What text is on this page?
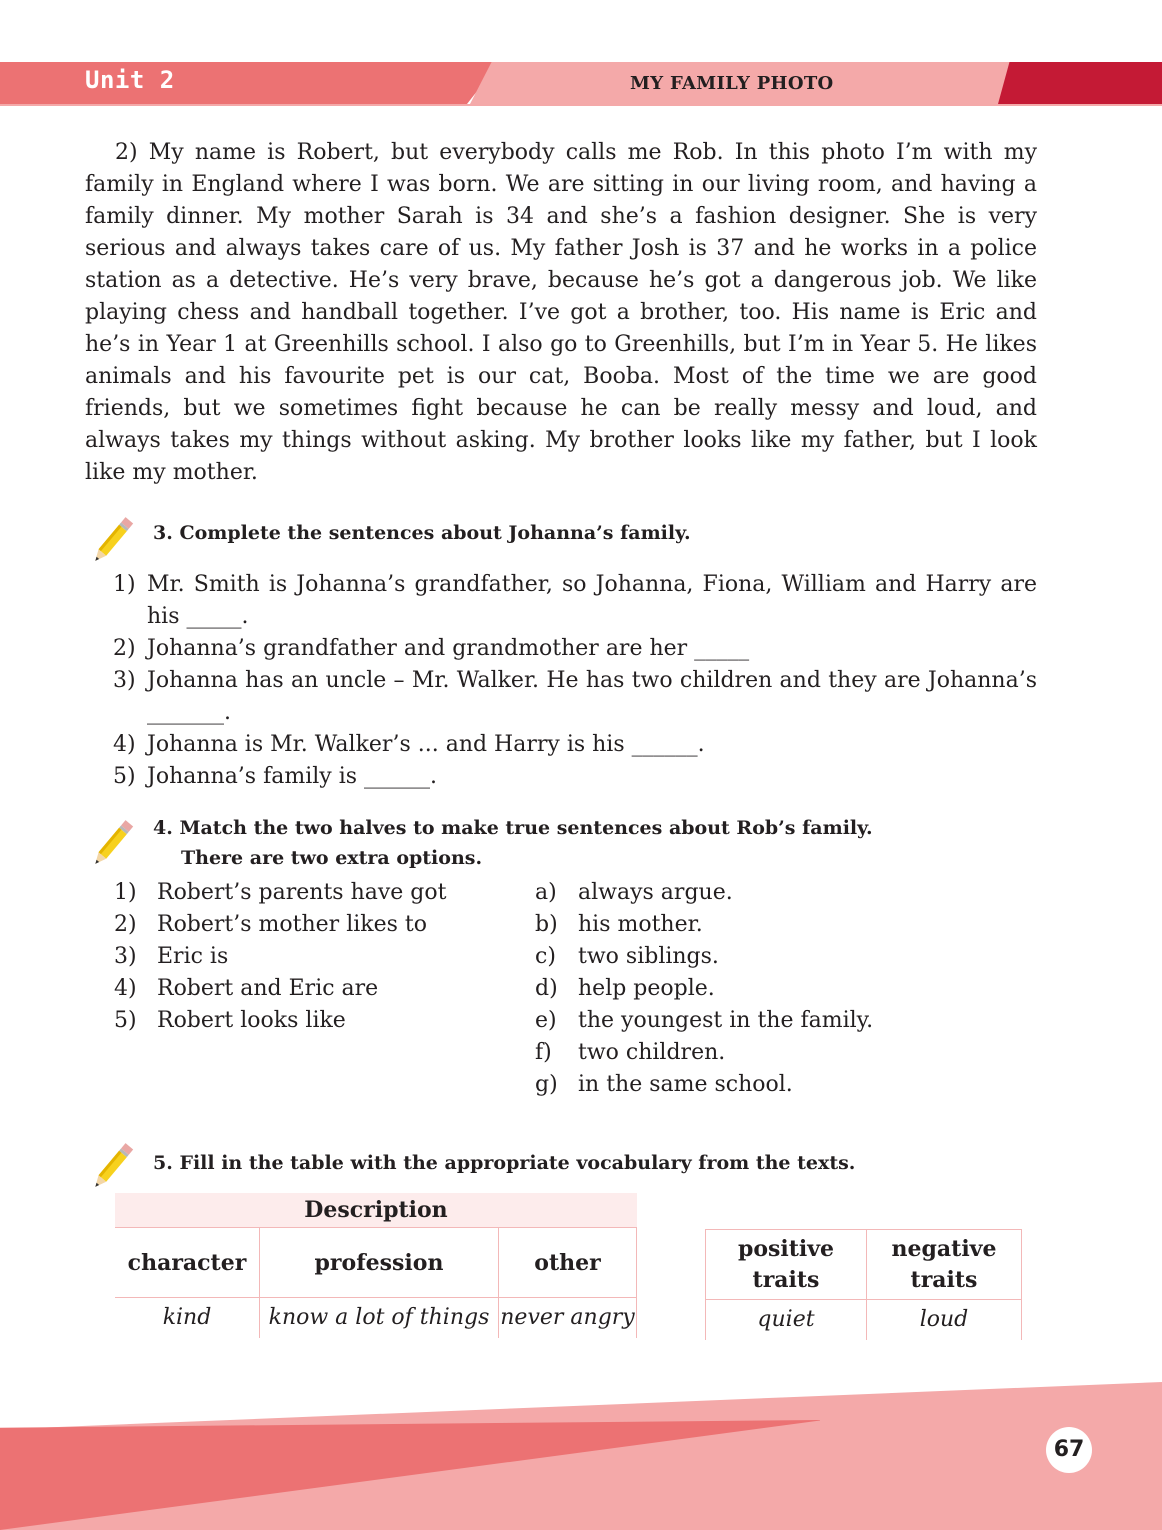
Unit 2	MY FAMILY PHOTO
2) My name is Robert, but everybody calls me Rob. In this photo I’m with my family in England where I was born. We are sitting in our living room, and having a family dinner. My mother Sarah is 34 and she’s a fashion designer. She is very serious and always takes care of us. My father Josh is 37 and he works in a police station as a detective. He’s very brave, because he’s got a dangerous job. We like playing chess and handball together. I’ve got a brother, too. His name is Eric and he’s in Year 1 at Greenhills school. I also go to Greenhills, but I’m in Year 5. He likes animals and his favourite pet is our cat, Booba. Most of the time we are good friends, but we sometimes fight because he can be really messy and loud, and always takes my things without asking. My brother looks like my father, but I look like my mother.
3. Complete the sentences about Johanna’s family.
1) Mr. Smith is Johanna’s grandfather, so Johanna, Fiona, William and Harry are his _____.
2) Johanna’s grandfather and grandmother are her _____
3) Johanna has an uncle – Mr. Walker. He has two children and they are Johanna’s _______.
4) Johanna is Mr. Walker’s ... and Harry is his ______.
5) Johanna’s family is ______.
4. Match the two halves to make true sentences about Rob’s family.
There are two extra options.
1) Robert’s parents have got
2) Robert’s mother likes to
3) Eric is
4) Robert and Eric are
5) Robert looks like
a) always argue.
b) his mother.
c) two siblings.
d) help people.
e) the youngest in the family.
f) two children.
g) in the same school.
5. Fill in the table with the appropriate vocabulary from the texts.
Description
character	profession	other
kind	know a lot of things	never angry
positive traits	negative traits
quiet	loud
67
